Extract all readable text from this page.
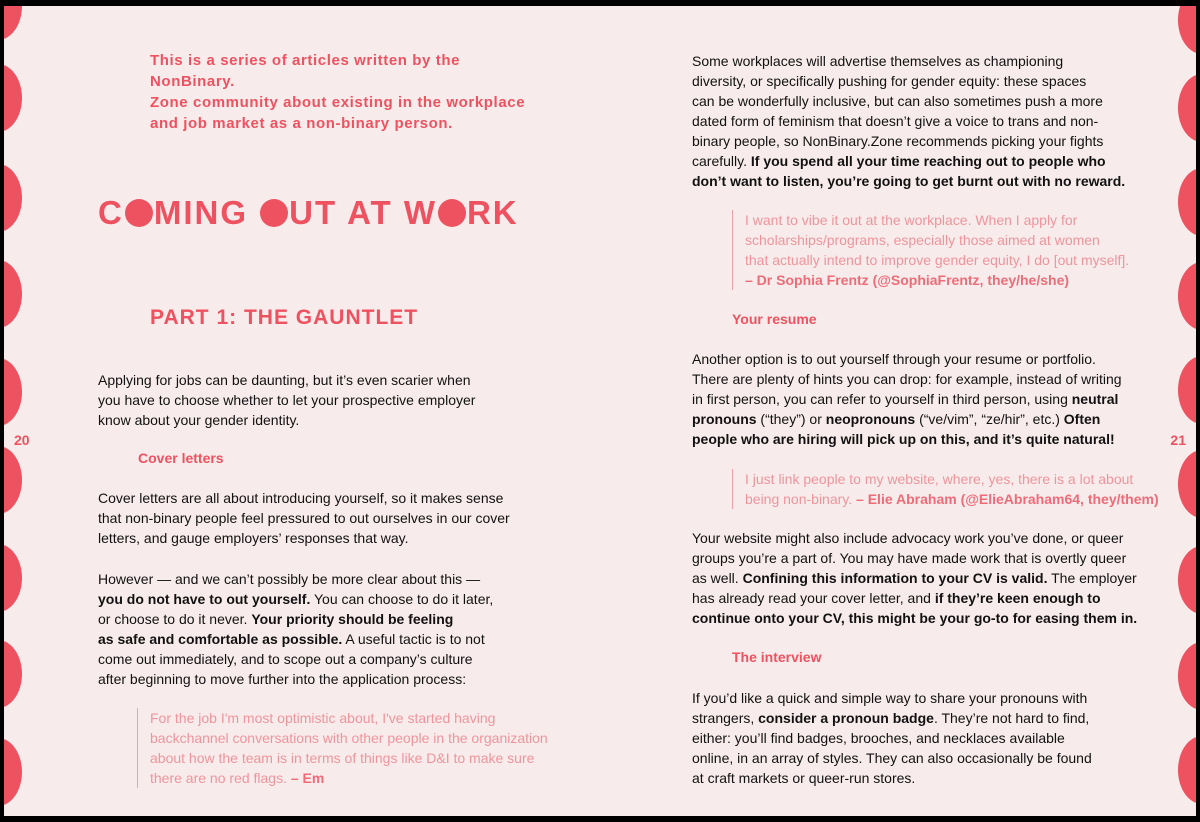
20	21
This is a series of articles written by the NonBinary.
Zone community about existing in the workplace
and job market as a non-binary person.
C MING UT AT W RK
PART 1: THE GAUNTLET
Applying for jobs can be daunting, but it’s even scarier when
you have to choose whether to let your prospective employer
know about your gender identity.
Cover letters
Cover letters are all about introducing yourself, so it makes sense
that non-binary people feel pressured to out ourselves in our cover
letters, and gauge employers’ responses that way.
However — and we can’t possibly be more clear about this —
you do not have to out yourself. You can choose to do it later,
or choose to do it never. Your priority should be feeling
as safe and comfortable as possible. A useful tactic is to not
come out immediately, and to scope out a company’s culture
after beginning to move further into the application process:
For the job I'm most optimistic about, I've started having
backchannel conversations with other people in the organization
about how the team is in terms of things like D&I to make sure
there are no red flags. – Em
Some workplaces will advertise themselves as championing
diversity, or specifically pushing for gender equity: these spaces
can be wonderfully inclusive, but can also sometimes push a more
dated form of feminism that doesn’t give a voice to trans and non-
binary people, so NonBinary.Zone recommends picking your fights
carefully. If you spend all your time reaching out to people who
don’t want to listen, you’re going to get burnt out with no reward.
I want to vibe it out at the workplace. When I apply for
scholarships/programs, especially those aimed at women
that actually intend to improve gender equity, I do [out myself].
– Dr Sophia Frentz (@SophiaFrentz, they/he/she)
Your resume
Another option is to out yourself through your resume or portfolio.
There are plenty of hints you can drop: for example, instead of writing
in first person, you can refer to yourself in third person, using neutral
pronouns (“they”) or neopronouns (“ve/vim”, “ze/hir”, etc.) Often
people who are hiring will pick up on this, and it’s quite natural!
I just link people to my website, where, yes, there is a lot about
being non-binary. – Elie Abraham (@ElieAbraham64, they/them)
Your website might also include advocacy work you’ve done, or queer
groups you’re a part of. You may have made work that is overtly queer
as well. Confining this information to your CV is valid. The employer
has already read your cover letter, and if they’re keen enough to
continue onto your CV, this might be your go-to for easing them in.
The interview
If you’d like a quick and simple way to share your pronouns with
strangers, consider a pronoun badge. They’re not hard to find,
either: you’ll find badges, brooches, and necklaces available
online, in an array of styles. They can also occasionally be found
at craft markets or queer-run stores.
